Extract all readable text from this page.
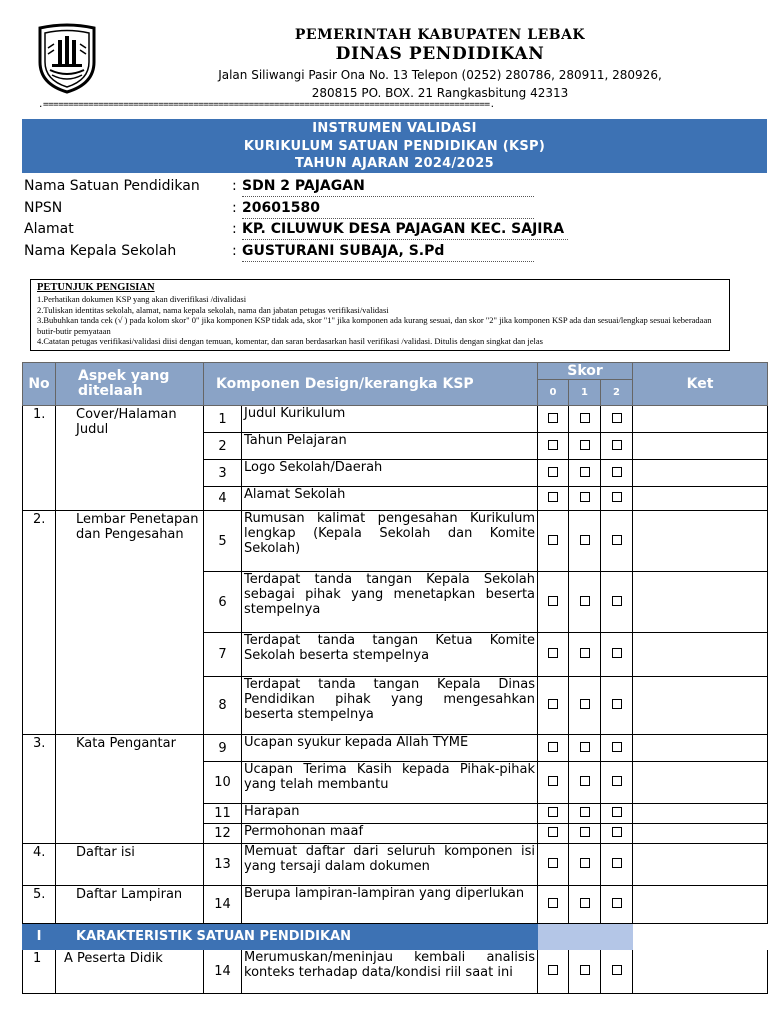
PEMERINTAH KABUPATEN LEBAK
DINAS PENDIDIKAN
Jalan Siliwangi Pasir Ona No. 13 Telepon (0252) 280786, 280911, 280926,
280815 PO. BOX. 21 Rangkasbitung 42313
.=========================================================================================.
INSTRUMEN VALIDASI
KURIKULUM SATUAN PENDIDIKAN (KSP)
TAHUN AJARAN 2024/2025
Nama Satuan Pendidikan : SDN 2 PAJAGAN
NPSN	: 20601580
Alamat	: KP. CILUWUK DESA PAJAGAN KEC. SAJIRA
Nama Kepala Sekolah	: GUSTURANI SUBAJA, S.Pd
PETUNJUK PENGISIAN
1.Perhatikan dokumen KSP yang akan diverifikasi /divalidasi
2.Tuliskan identitas sekolah, alamat, nama kepala sekolah, nama dan jabatan petugas verifikasi/validasi
3.Bubuhkan tanda cek (√ ) pada kolom skor" 0" jika komponen KSP tidak ada, skor "1" jika komponen ada kurang sesuai, dan skor "2" jika komponen KSP ada dan sesuai/lengkap sesuai keberadaan butir-butir pemyataan
4.Catatan petugas verifikasi/validasi diisi dengan temuan, komentar, dan saran berdasarkan hasil verifikasi /validasi. Ditulis dengan singkat dan jelas
No	Aspek yang ditelaah	Komponen Design/kerangka KSP		Skor			Ket
				0	1	2	
1.	Cover/Halaman Judul	1	Judul Kurikulum				
		2	Tahun Pelajaran				
		3	Logo Sekolah/Daerah				
		4	Alamat Sekolah				
2.	Lembar Penetapan dan Pengesahan	5	Rumusan kalimat pengesahan Kurikulum lengkap (Kepala Sekolah dan Komite Sekolah)				
		6	Terdapat tanda tangan Kepala Sekolah sebagai pihak yang menetapkan beserta stempelnya				
		7	Terdapat tanda tangan Ketua Komite Sekolah beserta stempelnya				
		8	Terdapat tanda tangan Kepala Dinas Pendidikan pihak yang mengesahkan beserta stempelnya				
3.	Kata Pengantar	9	Ucapan syukur kepada Allah TYME				
		10	Ucapan Terima Kasih kepada Pihak-pihak yang telah membantu				
		11	Harapan				
		12	Permohonan maaf				
4.	Daftar isi	13	Memuat daftar dari seluruh komponen isi yang tersaji dalam dokumen				
5.	Daftar Lampiran	14	Berupa lampiran-lampiran yang diperlukan				
I	KARAKTERISTIK SATUAN PENDIDIKAN						
1	A Peserta Didik	14	Merumuskan/meninjau kembali analisis konteks terhadap data/kondisi riil saat ini				
